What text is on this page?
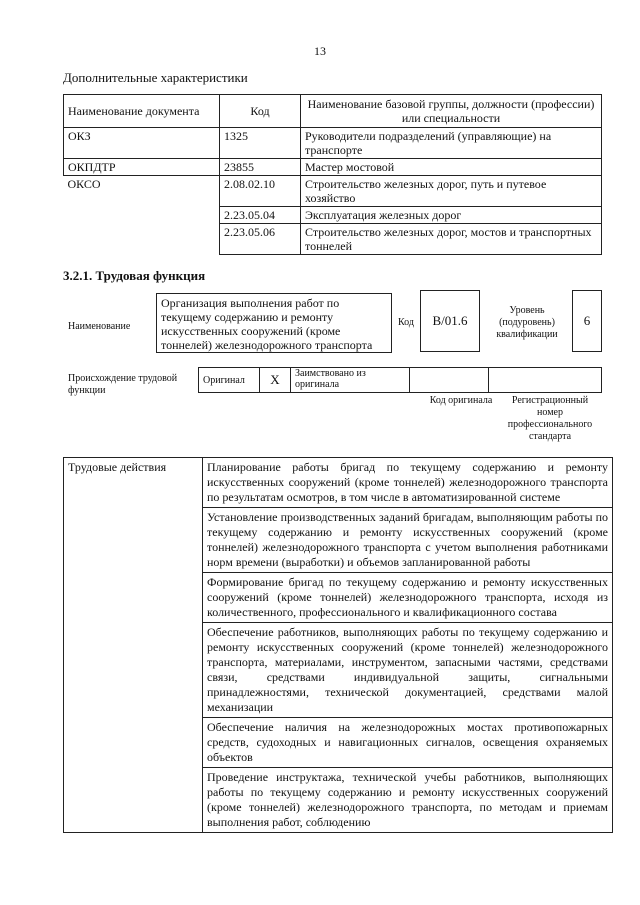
13
Дополнительные характеристики
Наименование документа	Код	Наименование базовой группы, должности (профессии) или специальности
ОКЗ	1325	Руководители подразделений (управляющие) на транспорте
ОКПДТР	23855	Мастер мостовой
ОКСО	2.08.02.10	Строительство железных дорог, путь и путевое хозяйство
	2.23.05.04	Эксплуатация железных дорог
	2.23.05.06	Строительство железных дорог, мостов и транспортных тоннелей
3.2.1. Трудовая функция
Наименование
Организация выполнения работ по текущему содержанию и ремонту искусственных сооружений (кроме тоннелей) железнодорожного транспорта
Код	B/01.6
Уровень (подуровень) квалификации
6
Происхождение трудовой функции
Оригинал	X	Заимствовано из оригинала		
Код оригинала	Регистрационный номер профессионального стандарта
Трудовые действия	Планирование работы бригад по текущему содержанию и ремонту искусственных сооружений (кроме тоннелей) железнодорожного транспорта по результатам осмотров, в том числе в автоматизированной системе
Установление производственных заданий бригадам, выполняющим работы по текущему содержанию и ремонту искусственных сооружений (кроме тоннелей) железнодорожного транспорта с учетом выполнения работниками норм времени (выработки) и объемов запланированной работы
Формирование бригад по текущему содержанию и ремонту искусственных сооружений (кроме тоннелей) железнодорожного транспорта, исходя из количественного, профессионального и квалификационного состава
Обеспечение работников, выполняющих работы по текущему содержанию и ремонту искусственных сооружений (кроме тоннелей) железнодорожного транспорта, материалами, инструментом, запасными частями, средствами связи, средствами индивидуальной защиты, сигнальными принадлежностями, технической документацией, средствами малой механизации
Обеспечение наличия на железнодорожных мостах противопожарных средств, судоходных и навигационных сигналов, освещения охраняемых объектов
Проведение инструктажа, технической учебы работников, выполняющих работы по текущему содержанию и ремонту искусственных сооружений (кроме тоннелей) железнодорожного транспорта, по методам и приемам выполнения работ, соблюдению
